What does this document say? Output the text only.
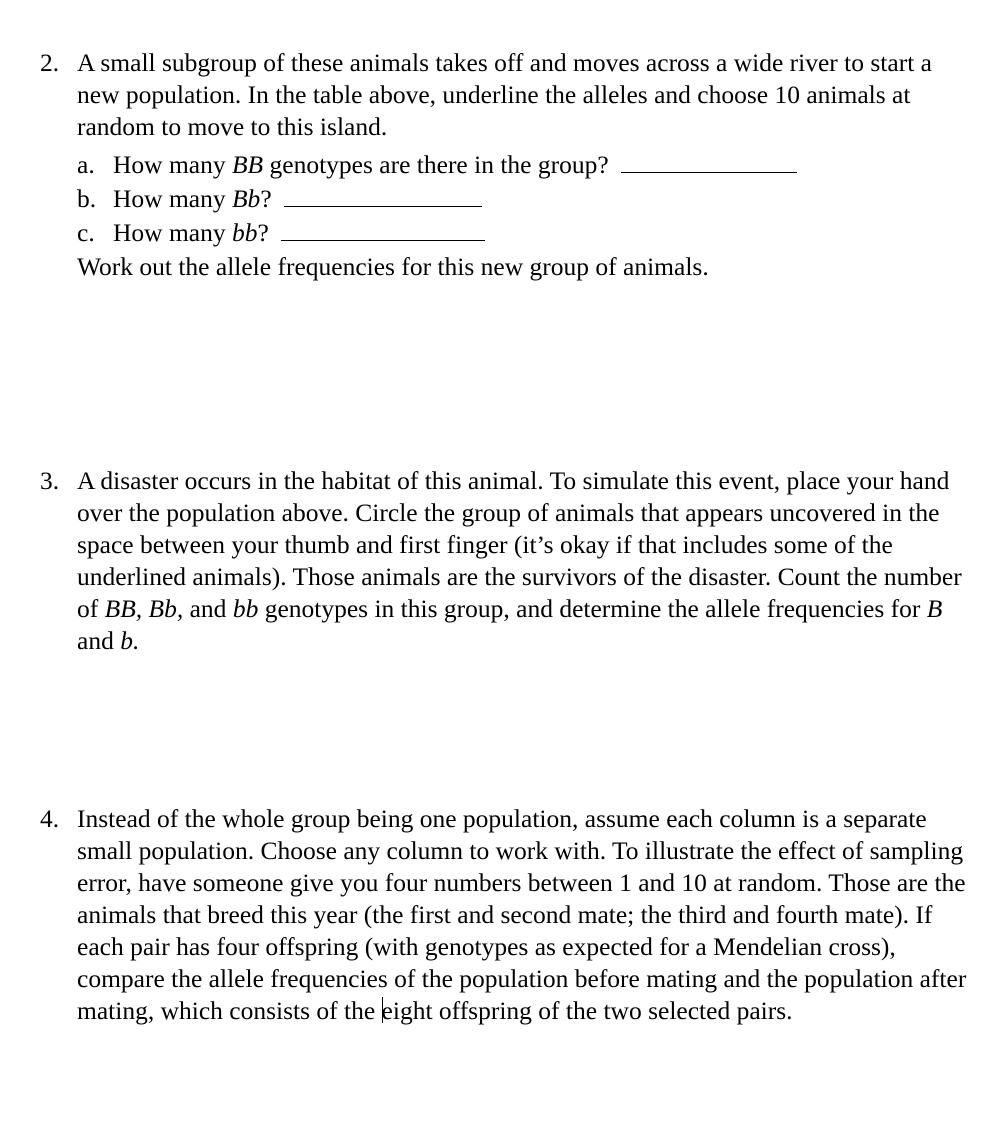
2. A small subgroup of these animals takes off and moves across a wide river to start a new population. In the table above, underline the alleles and choose 10 animals at random to move to this island.

a. How many BB genotypes are there in the group?
b. How many Bb?
c. How many bb?

Work out the allele frequencies for this new group of animals.

3. A disaster occurs in the habitat of this animal. To simulate this event, place your hand over the population above. Circle the group of animals that appears uncovered in the space between your thumb and first finger (it’s okay if that includes some of the underlined animals). Those animals are the survivors of the disaster. Count the number of BB, Bb, and bb genotypes in this group, and determine the allele frequencies for B and b.

4. Instead of the whole group being one population, assume each column is a separate small population. Choose any column to work with. To illustrate the effect of sampling error, have someone give you four numbers between 1 and 10 at random. Those are the animals that breed this year (the first and second mate; the third and fourth mate). If each pair has four offspring (with genotypes as expected for a Mendelian cross), compare the allele frequencies of the population before mating and the population after mating, which consists of the eight offspring of the two selected pairs.
